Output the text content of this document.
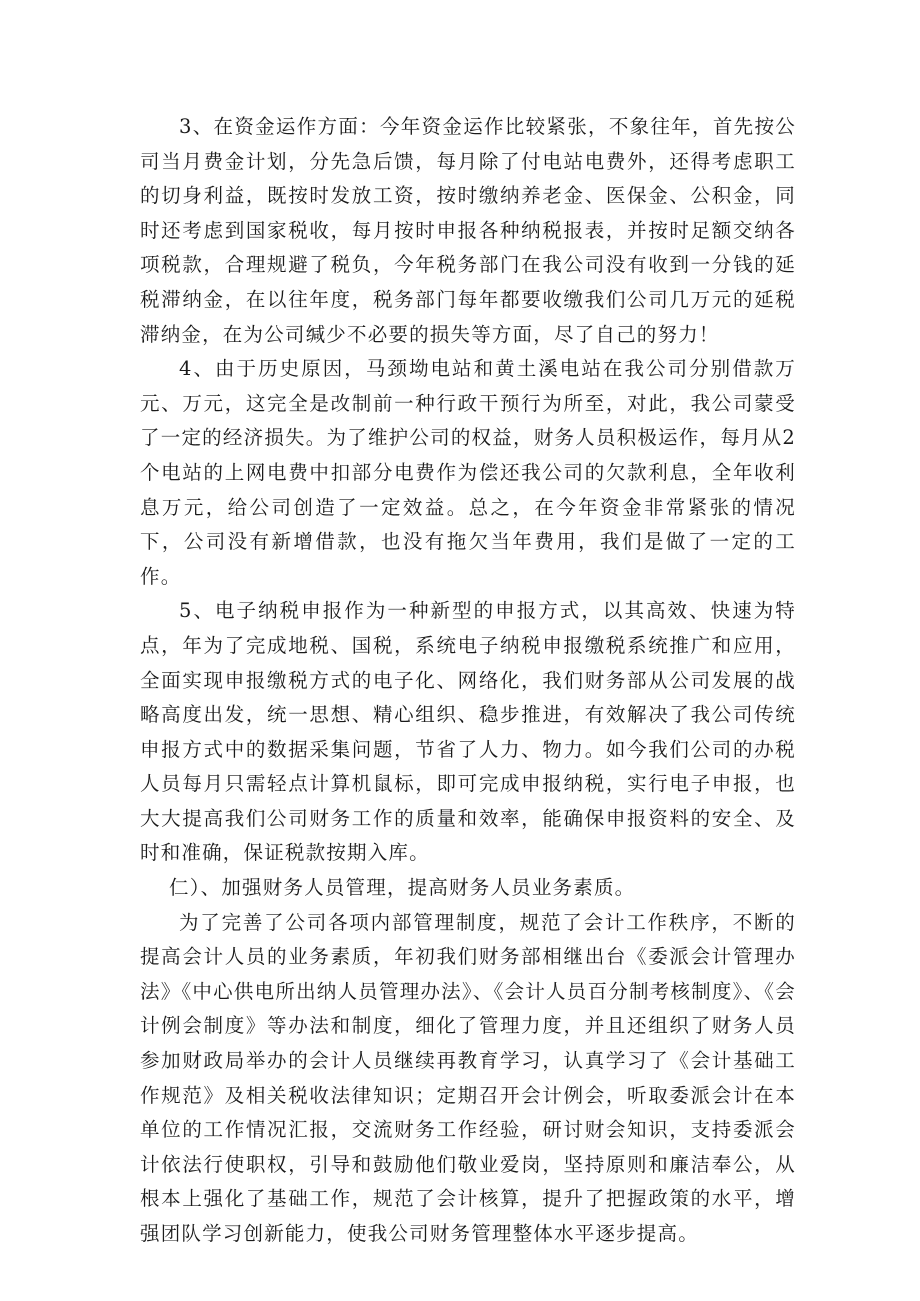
3、在资金运作方面：今年资金运作比较紧张，不象往年，首先按公司当月费金计划，分先急后馈，每月除了付电站电费外，还得考虑职工的切身利益，既按时发放工资，按时缴纳养老金、医保金、公积金，同时还考虑到国家税收，每月按时申报各种纳税报表，并按时足额交纳各项税款，合理规避了税负，今年税务部门在我公司没有收到一分钱的延税滞纳金，在以往年度，税务部门每年都要收缴我们公司几万元的延税滞纳金，在为公司缄少不必要的损失等方面，尽了自己的努力！

4、由于历史原因，马颈坳电站和黄土溪电站在我公司分别借款万元、万元，这完全是改制前一种行政干预行为所至，对此，我公司蒙受了一定的经济损失。为了维护公司的权益，财务人员积极运作，每月从2个电站的上网电费中扣部分电费作为偿还我公司的欠款利息，全年收利息万元，给公司创造了一定效益。总之，在今年资金非常紧张的情况下，公司没有新增借款，也没有拖欠当年费用，我们是做了一定的工作。

5、电子纳税申报作为一种新型的申报方式，以其高效、快速为特点，年为了完成地税、国税，系统电子纳税申报缴税系统推广和应用，全面实现申报缴税方式的电子化、网络化，我们财务部从公司发展的战略高度出发，统一思想、精心组织、稳步推进，有效解决了我公司传统申报方式中的数据采集问题，节省了人力、物力。如今我们公司的办税人员每月只需轻点计算机鼠标，即可完成申报纳税，实行电子申报，也大大提高我们公司财务工作的质量和效率，能确保申报资料的安全、及时和准确，保证税款按期入库。

仁）、加强财务人员管理，提高财务人员业务素质。

为了完善了公司各项内部管理制度，规范了会计工作秩序，不断的提高会计人员的业务素质，年初我们财务部相继出台《委派会计管理办法》《中心供电所出纳人员管理办法》、《会计人员百分制考核制度》、《会计例会制度》等办法和制度，细化了管理力度，并且还组织了财务人员参加财政局举办的会计人员继续再教育学习，认真学习了《会计基础工作规范》及相关税收法律知识；定期召开会计例会，听取委派会计在本单位的工作情况汇报，交流财务工作经验，研讨财会知识，支持委派会计依法行使职权，引导和鼓励他们敬业爱岗，坚持原则和廉洁奉公，从根本上强化了基础工作，规范了会计核算，提升了把握政策的水平，增强团队学习创新能力，使我公司财务管理整体水平逐步提高。
